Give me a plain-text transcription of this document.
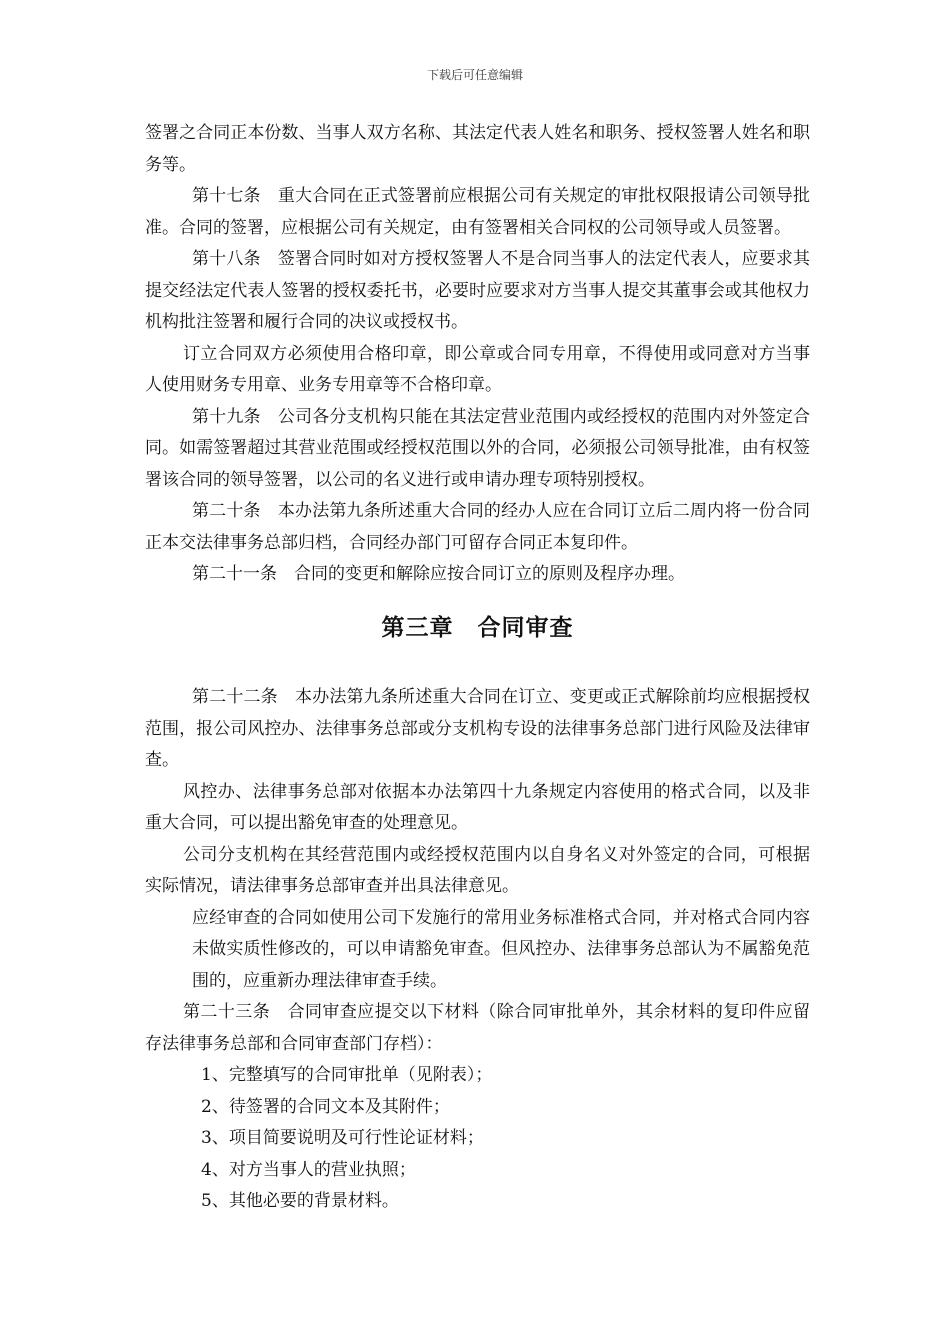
下载后可任意编辑

签署之合同正本份数、当事人双方名称、其法定代表人姓名和职务、授权签署人姓名和职务等。

第十七条　重大合同在正式签署前应根据公司有关规定的审批权限报请公司领导批准。合同的签署，应根据公司有关规定，由有签署相关合同权的公司领导或人员签署。

第十八条　签署合同时如对方授权签署人不是合同当事人的法定代表人，应要求其提交经法定代表人签署的授权委托书，必要时应要求对方当事人提交其董事会或其他权力机构批注签署和履行合同的决议或授权书。

订立合同双方必须使用合格印章，即公章或合同专用章，不得使用或同意对方当事人使用财务专用章、业务专用章等不合格印章。

第十九条　公司各分支机构只能在其法定营业范围内或经授权的范围内对外签定合同。如需签署超过其营业范围或经授权范围以外的合同，必须报公司领导批准，由有权签署该合同的领导签署，以公司的名义进行或申请办理专项特别授权。

第二十条　本办法第九条所述重大合同的经办人应在合同订立后二周内将一份合同正本交法律事务总部归档，合同经办部门可留存合同正本复印件。

第二十一条　合同的变更和解除应按合同订立的原则及程序办理。

第三章　合同审查

第二十二条　本办法第九条所述重大合同在订立、变更或正式解除前均应根据授权范围，报公司风控办、法律事务总部或分支机构专设的法律事务总部门进行风险及法律审查。

风控办、法律事务总部对依据本办法第四十九条规定内容使用的格式合同，以及非重大合同，可以提出豁免审查的处理意见。

公司分支机构在其经营范围内或经授权范围内以自身名义对外签定的合同，可根据实际情况，请法律事务总部审查并出具法律意见。

应经审查的合同如使用公司下发施行的常用业务标准格式合同，并对格式合同内容未做实质性修改的，可以申请豁免审查。但风控办、法律事务总部认为不属豁免范围的，应重新办理法律审查手续。

第二十三条　合同审查应提交以下材料（除合同审批单外，其余材料的复印件应留存法律事务总部和合同审查部门存档）：

1、完整填写的合同审批单（见附表）；

2、待签署的合同文本及其附件；

3、项目简要说明及可行性论证材料；

4、对方当事人的营业执照；

5、其他必要的背景材料。
